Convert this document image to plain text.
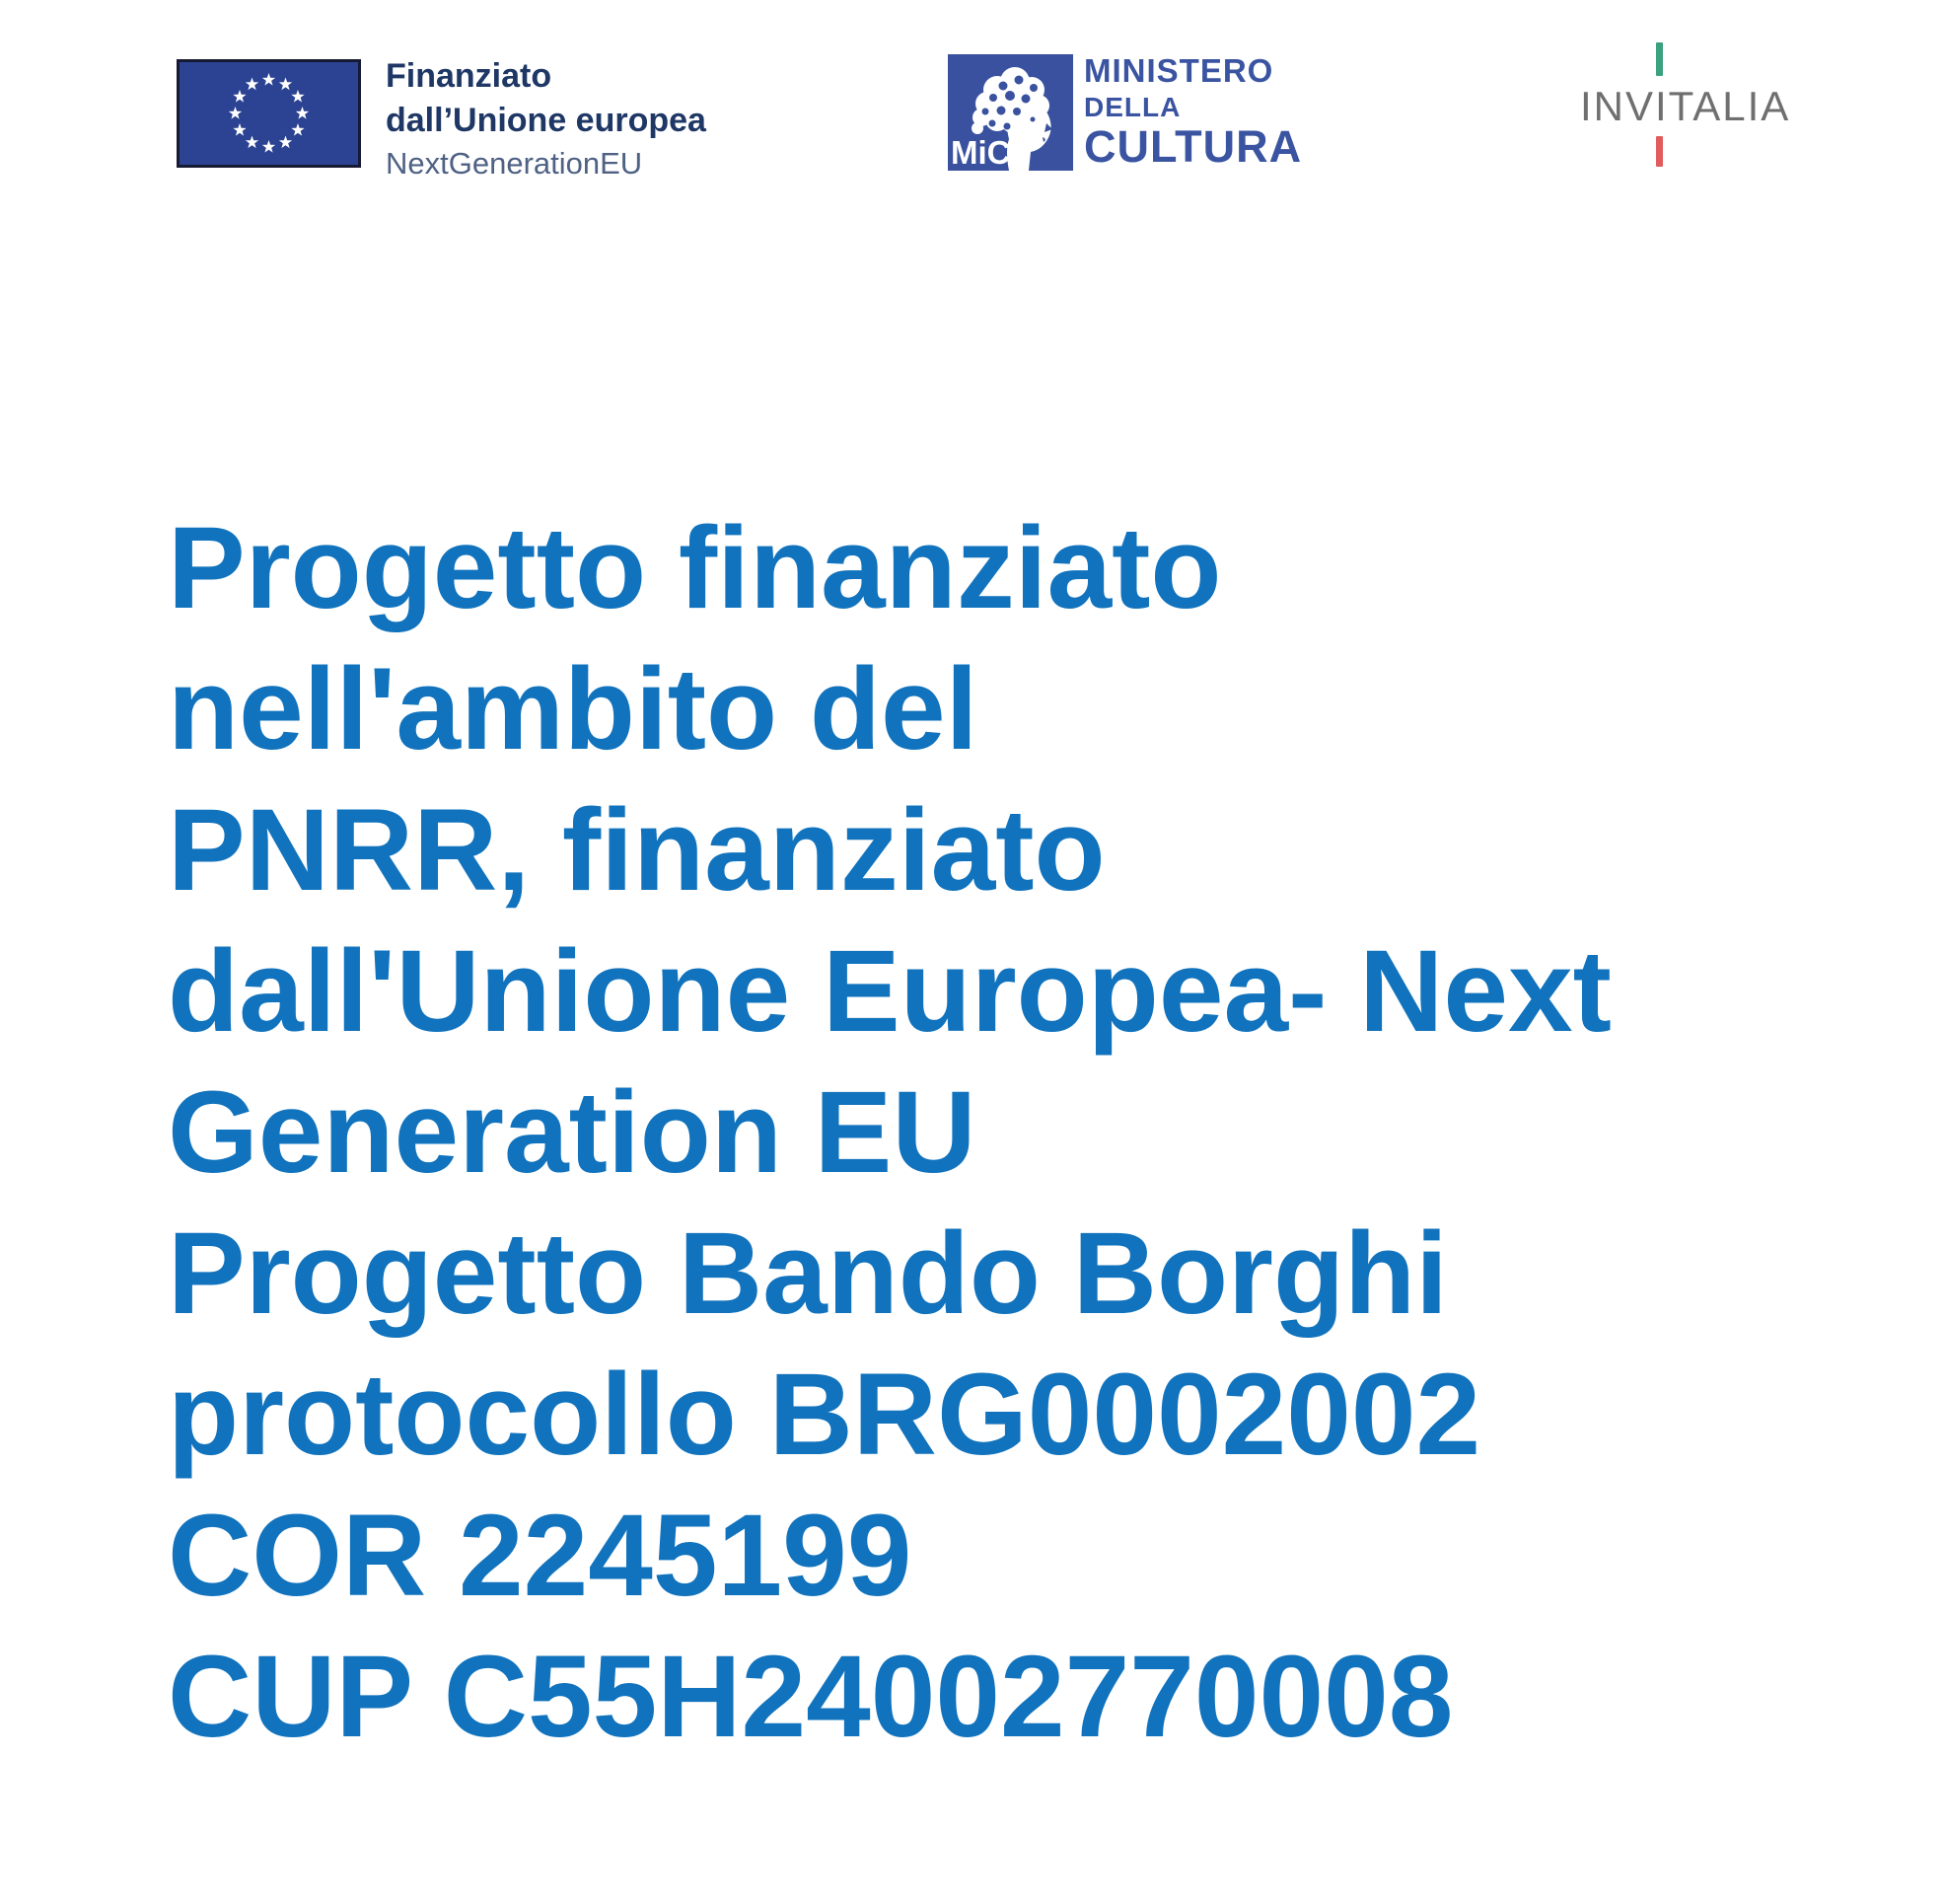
Finanziato
dall’Unione europea
NextGenerationEU	MiC
MINISTERO
DELLA
CULTURA
INVITALIA
Progetto finanziato
nell'ambito del
PNRR, finanziato
dall'Unione Europea- Next
Generation EU
Progetto Bando Borghi
protocollo BRG0002002
COR 2245199
CUP C55H24002770008
